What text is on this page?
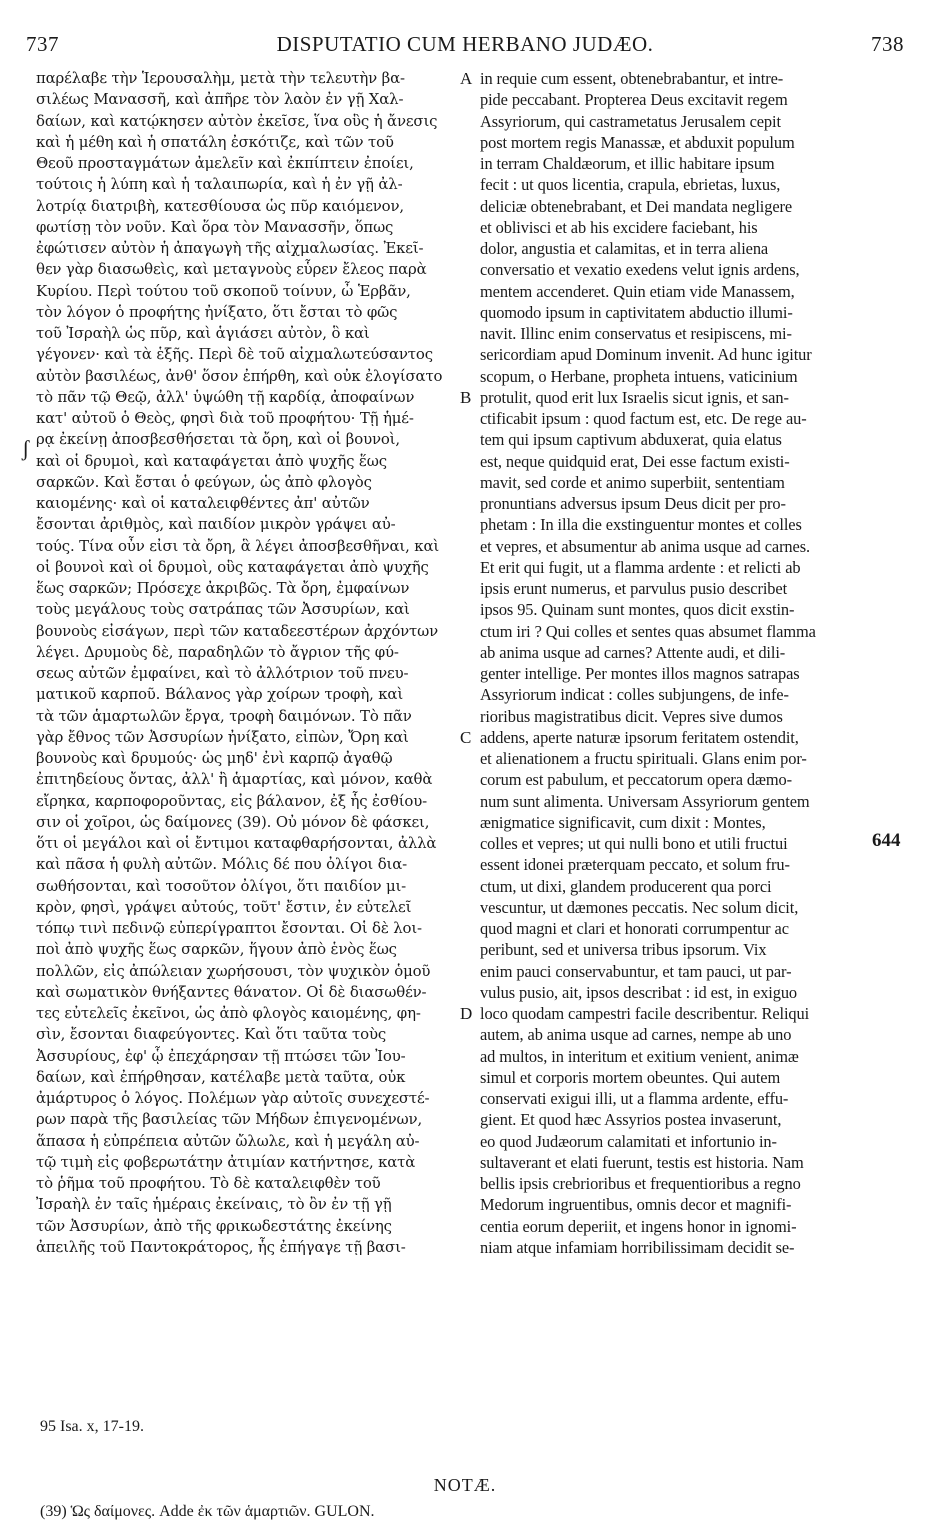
737	DISPUTATIO CUM HERBANO JUDÆO.	738
ʃ
παρέλαβε τὴν Ἱερουσαλὴμ, μετὰ τὴν τελευτὴν βα-
σιλέως Μανασσῆ, καὶ ἀπῆρε τὸν λαὸν ἐν γῇ Χαλ-
δαίων, καὶ κατῴκησεν αὐτὸν ἐκεῖσε, ἵνα οὓς ἡ ἄνεσις
καὶ ἡ μέθη καὶ ἡ σπατάλη ἐσκότιζε, καὶ τῶν τοῦ
Θεοῦ προσταγμάτων ἀμελεῖν καὶ ἐκπίπτειν ἐποίει,
τούτοις ἡ λύπη καὶ ἡ ταλαιπωρία, καὶ ἡ ἐν γῇ ἀλ-
λοτρίᾳ διατριβὴ, κατεσθίουσα ὡς πῦρ καιόμενον,
φωτίσῃ τὸν νοῦν. Καὶ ὅρα τὸν Μανασσῆν, ὅπως
ἐφώτισεν αὐτὸν ἡ ἀπαγωγὴ τῆς αἰχμαλωσίας. Ἐκεῖ-
θεν γὰρ διασωθεὶς, καὶ μεταγνοὺς εὗρεν ἔλεος παρὰ
Κυρίου. Περὶ τούτου τοῦ σκοποῦ τοίνυν, ὦ Ἑρβᾶν,
τὸν λόγον ὁ προφήτης ἠνίξατο, ὅτι ἔσται τὸ φῶς
τοῦ Ἰσραὴλ ὡς πῦρ, καὶ ἁγιάσει αὐτὸν, ὃ καὶ
γέγονεν· καὶ τὰ ἑξῆς. Περὶ δὲ τοῦ αἰχμαλωτεύσαντος
αὐτὸν βασιλέως, ἀνθ' ὅσον ἐπήρθη, καὶ οὐκ ἐλογίσατο
τὸ πᾶν τῷ Θεῷ, ἀλλ' ὑψώθη τῇ καρδίᾳ, ἀποφαίνων
κατ' αὐτοῦ ὁ Θεὸς, φησὶ διὰ τοῦ προφήτου· Τῇ ἡμέ-
ρᾳ ἐκείνῃ ἀποσβεσθήσεται τὰ ὄρη, καὶ οἱ βουνοὶ,
καὶ οἱ δρυμοὶ, καὶ καταφάγεται ἀπὸ ψυχῆς ἕως
σαρκῶν. Καὶ ἔσται ὁ φεύγων, ὡς ἀπὸ φλογὸς
καιομένης· καὶ οἱ καταλειφθέντες ἀπ' αὐτῶν
ἔσονται ἀριθμὸς, καὶ παιδίον μικρὸν γράψει αὐ-
τούς. Τίνα οὖν εἰσι τὰ ὄρη, ἃ λέγει ἀποσβεσθῆναι, καὶ
οἱ βουνοὶ καὶ οἱ δρυμοὶ, οὓς καταφάγεται ἀπὸ ψυχῆς
ἕως σαρκῶν; Πρόσεχε ἀκριβῶς. Τὰ ὄρη, ἐμφαίνων
τοὺς μεγάλους τοὺς σατράπας τῶν Ἀσσυρίων, καὶ
βουνοὺς εἰσάγων, περὶ τῶν καταδεεστέρων ἀρχόντων
λέγει. Δρυμοὺς δὲ, παραδηλῶν τὸ ἄγριον τῆς φύ-
σεως αὐτῶν ἐμφαίνει, καὶ τὸ ἀλλότριον τοῦ πνευ-
ματικοῦ καρποῦ. Βάλανος γὰρ χοίρων τροφὴ, καὶ
τὰ τῶν ἁμαρτωλῶν ἔργα, τροφὴ δαιμόνων. Τὸ πᾶν
γὰρ ἔθνος τῶν Ἀσσυρίων ἠνίξατο, εἰπὼν, Ὄρη καὶ
βουνοὺς καὶ δρυμούς· ὡς μηδ' ἐνὶ καρπῷ ἀγαθῷ
ἐπιτηδείους ὄντας, ἀλλ' ἢ ἁμαρτίας, καὶ μόνον, καθὰ
εἴρηκα, καρποφοροῦντας, εἰς βάλανον, ἐξ ἧς ἐσθίου-
σιν οἱ χοῖροι, ὡς δαίμονες (39). Οὐ μόνον δὲ φάσκει,
ὅτι οἱ μεγάλοι καὶ οἱ ἔντιμοι καταφθαρήσονται, ἀλλὰ
καὶ πᾶσα ἡ φυλὴ αὐτῶν. Μόλις δέ που ὀλίγοι δια-
σωθήσονται, καὶ τοσοῦτον ὀλίγοι, ὅτι παιδίον μι-
κρὸν, φησὶ, γράψει αὐτούς, τοῦτ' ἔστιν, ἐν εὐτελεῖ
τόπῳ τινὶ πεδινῷ εὐπερίγραπτοι ἔσονται. Οἱ δὲ λοι-
ποὶ ἀπὸ ψυχῆς ἕως σαρκῶν, ἥγουν ἀπὸ ἑνὸς ἕως
πολλῶν, εἰς ἀπώλειαν χωρήσουσι, τὸν ψυχικὸν ὁμοῦ
καὶ σωματικὸν θνήξαντες θάνατον. Οἱ δὲ διασωθέν-
τες εὐτελεῖς ἐκεῖνοι, ὡς ἀπὸ φλογὸς καιομένης, φη-
σὶν, ἔσονται διαφεύγοντες. Καὶ ὅτι ταῦτα τοὺς
Ἀσσυρίους, ἐφ' ᾧ ἐπεχάρησαν τῇ πτώσει τῶν Ἰου-
δαίων, καὶ ἐπήρθησαν, κατέλαβε μετὰ ταῦτα, οὐκ
ἀμάρτυρος ὁ λόγος. Πολέμων γὰρ αὐτοῖς συνεχεστέ-
ρων παρὰ τῆς βασιλείας τῶν Μήδων ἐπιγενομένων,
ἅπασα ἡ εὐπρέπεια αὐτῶν ὤλωλε, καὶ ἡ μεγάλη αὐ-
τῷ τιμὴ εἰς φοβερωτάτην ἀτιμίαν κατήντησε, κατὰ
τὸ ῥῆμα τοῦ προφήτου. Τὸ δὲ καταλειφθὲν τοῦ
Ἰσραὴλ ἐν ταῖς ἡμέραις ἐκείναις, τὸ ὂν ἐν τῇ γῇ
τῶν Ἀσσυρίων, ἀπὸ τῆς φρικωδεστάτης ἐκείνης
ἀπειλῆς τοῦ Παντοκράτορος, ἧς ἐπήγαγε τῇ βασι-
A
B
C
D
in requie cum essent, obtenebrabantur, et intre-
pide peccabant. Propterea Deus excitavit regem
Assyriorum, qui castrametatus Jerusalem cepit
post mortem regis Manassæ, et abduxit populum
in terram Chaldæorum, et illic habitare ipsum
fecit : ut quos licentia, crapula, ebrietas, luxus,
deliciæ obtenebrabant, et Dei mandata negligere
et oblivisci et ab his excidere faciebant, his
dolor, angustia et calamitas, et in terra aliena
conversatio et vexatio exedens velut ignis ardens,
mentem accenderet. Quin etiam vide Manassem,
quomodo ipsum in captivitatem abductio illumi-
navit. Illinc enim conservatus et resipiscens, mi-
sericordiam apud Dominum invenit. Ad hunc igitur
scopum, o Herbane, propheta intuens, vaticinium
protulit, quod erit lux Israelis sicut ignis, et san-
ctificabit ipsum : quod factum est, etc. De rege au-
tem qui ipsum captivum abduxerat, quia elatus
est, neque quidquid erat, Dei esse factum existi-
mavit, sed corde et animo superbiit, sententiam
pronuntians adversus ipsum Deus dicit per pro-
phetam : In illa die exstinguentur montes et colles
et vepres, et absumentur ab anima usque ad carnes.
Et erit qui fugit, ut a flamma ardente : et relicti ab
ipsis erunt numerus, et parvulus pusio describet
ipsos 95. Quinam sunt montes, quos dicit exstin-
ctum iri ? Qui colles et sentes quas absumet flamma
ab anima usque ad carnes? Attente audi, et dili-
genter intellige. Per montes illos magnos satrapas
Assyriorum indicat : colles subjungens, de infe-
rioribus magistratibus dicit. Vepres sive dumos
addens, aperte naturæ ipsorum feritatem ostendit,
et alienationem a fructu spirituali. Glans enim por-
corum est pabulum, et peccatorum opera dæmo-
num sunt alimenta. Universam Assyriorum gentem
ænigmatice significavit, cum dixit : Montes,
colles et vepres; ut qui nulli bono et utili fructui
essent idonei præterquam peccato, et solum fru-
ctum, ut dixi, glandem producerent qua porci
vescuntur, ut dæmones peccatis. Nec solum dicit,
quod magni et clari et honorati corrumpentur ac
peribunt, sed et universa tribus ipsorum. Vix
enim pauci conservabuntur, et tam pauci, ut par-
vulus pusio, ait, ipsos describat : id est, in exiguo
loco quodam campestri facile describentur. Reliqui
autem, ab anima usque ad carnes, nempe ab uno
ad multos, in interitum et exitium venient, animæ
simul et corporis mortem obeuntes. Qui autem
conservati exigui illi, ut a flamma ardente, effu-
gient. Et quod hæc Assyrios postea invaserunt,
eo quod Judæorum calamitati et infortunio in-
sultaverant et elati fuerunt, testis est historia. Nam
bellis ipsis crebrioribus et frequentioribus a regno
Medorum ingruentibus, omnis decor et magnifi-
centia eorum deperiit, et ingens honor in ignomi-
niam atque infamiam horribilissimam decidit se-
644
95 Isa. x, 17-19.
NOTÆ.
(39) Ὡς δαίμονες. Adde ἐκ τῶν ἁμαρτιῶν. GULON.
